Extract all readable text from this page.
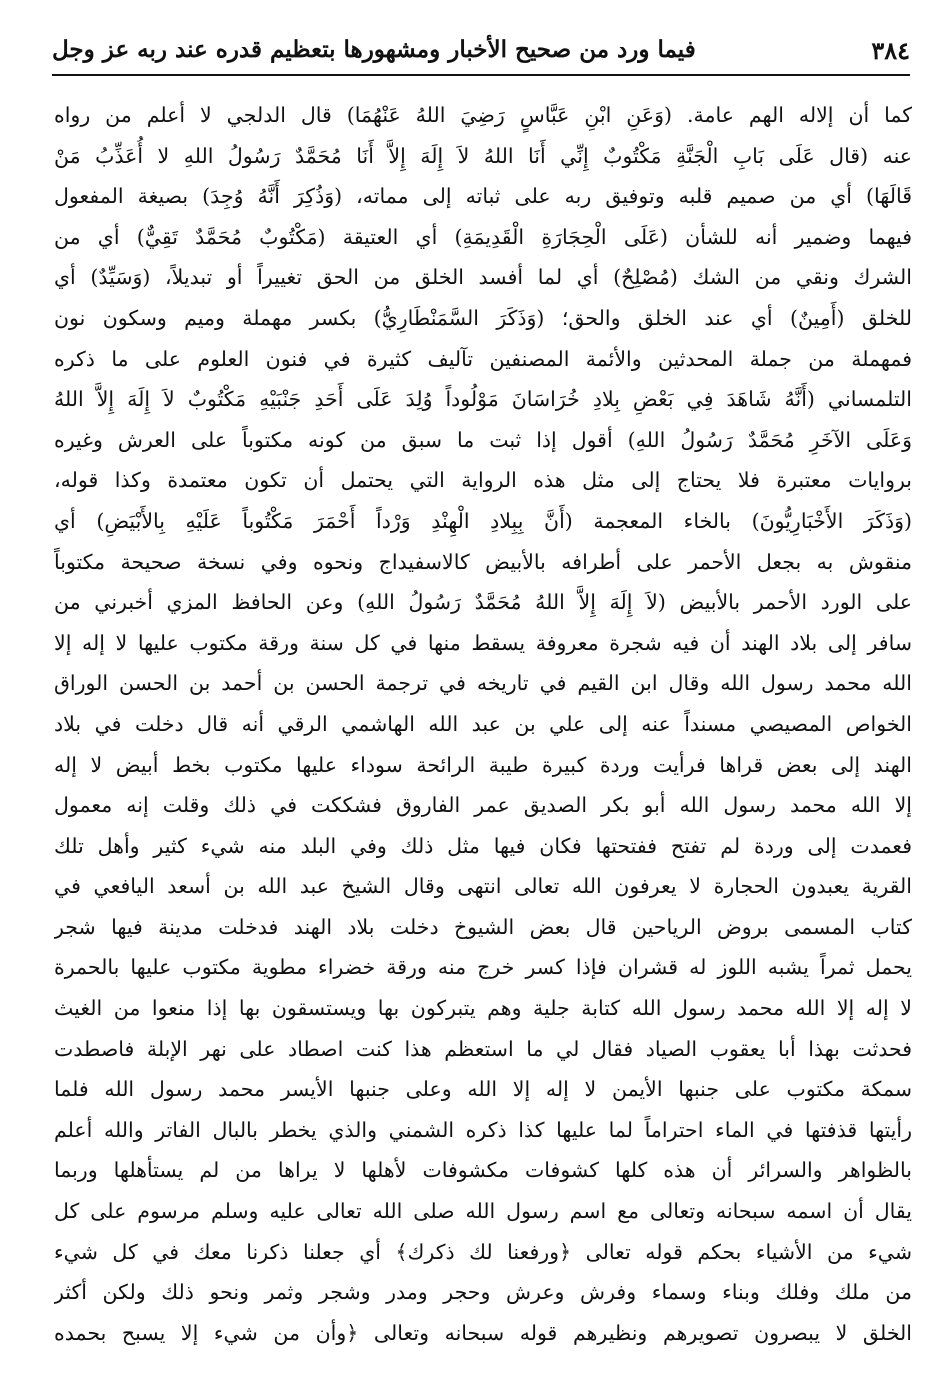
٣٨٤
فيما ورد من صحيح الأخبار ومشهورها بتعظيم قدره عند ربه عز وجل
كما أن إلاله الهم عامة. (وَعَنِ ابْنِ عَبَّاسٍ رَضِيَ اللهُ عَنْهُمَا) قال الدلجي لا أعلم من رواه
عنه (قال عَلَى بَابِ الْجَنَّةِ مَكْتُوبٌ إِنِّي أَنَا اللهُ لاَ إِلَهَ إِلاَّ أَنَا مُحَمَّدٌ رَسُولُ اللهِ لا أُعَذِّبُ مَنْ
قَالَهَا) أي من صميم قلبه وتوفيق ربه على ثباته إلى مماته، (وَذُكِرَ أَنَّهُ وُجِدَ) بصيغة المفعول
فيهما وضمير أنه للشأن (عَلَى الْحِجَارَةِ الْقَدِيمَةِ) أي العتيقة (مَكْتُوبٌ مُحَمَّدٌ تَقِيٌّ) أي من
الشرك ونقي من الشك (مُصْلِحٌ) أي لما أفسد الخلق من الحق تغييراً أو تبديلاً، (وَسَيِّدٌ) أي
للخلق (أَمِينٌ) أي عند الخلق والحق؛ (وَذَكَرَ السَّمَنْطَارِيُّ) بكسر مهملة وميم وسكون نون
فمهملة من جملة المحدثين والأئمة المصنفين تآليف كثيرة في فنون العلوم على ما ذكره
التلمساني (أَنَّهُ شَاهَدَ فِي بَعْضِ بِلادِ خُرَاسَانَ مَوْلُوداً وُلِدَ عَلَى أَحَدِ جَنْبَيْهِ مَكْتُوبٌ لاَ إِلَهَ إِلاَّ اللهُ
وَعَلَى الآخَرِ مُحَمَّدٌ رَسُولُ اللهِ) أقول إذا ثبت ما سبق من كونه مكتوباً على العرش وغيره
بروايات معتبرة فلا يحتاج إلى مثل هذه الرواية التي يحتمل أن تكون معتمدة وكذا قوله،
(وَذَكَرَ الأَخْبَارِيُّونَ) بالخاء المعجمة (أَنَّ بِبِلادِ الْهِنْدِ وَرْداً أَحْمَرَ مَكْتُوباً عَلَيْهِ بِالأَبْيَضِ) أي
منقوش به بجعل الأحمر على أطرافه بالأبيض كالاسفيداج ونحوه وفي نسخة صحيحة مكتوباً
على الورد الأحمر بالأبيض (لاَ إِلَهَ إِلاَّ اللهُ مُحَمَّدٌ رَسُولُ اللهِ) وعن الحافظ المزي أخبرني من
سافر إلى بلاد الهند أن فيه شجرة معروفة يسقط منها في كل سنة ورقة مكتوب عليها لا إله إلا
الله محمد رسول الله وقال ابن القيم في تاريخه في ترجمة الحسن بن أحمد بن الحسن الوراق
الخواص المصيصي مسنداً عنه إلى علي بن عبد الله الهاشمي الرقي أنه قال دخلت في بلاد
الهند إلى بعض قراها فرأيت وردة كبيرة طيبة الرائحة سوداء عليها مكتوب بخط أبيض لا إله
إلا الله محمد رسول الله أبو بكر الصديق عمر الفاروق فشككت في ذلك وقلت إنه معمول
فعمدت إلى وردة لم تفتح ففتحتها فكان فيها مثل ذلك وفي البلد منه شيء كثير وأهل تلك
القرية يعبدون الحجارة لا يعرفون الله تعالى انتهى وقال الشيخ عبد الله بن أسعد اليافعي في
كتاب المسمى بروض الرياحين قال بعض الشيوخ دخلت بلاد الهند فدخلت مدينة فيها شجر
يحمل ثمراً يشبه اللوز له قشران فإذا كسر خرج منه ورقة خضراء مطوية مكتوب عليها بالحمرة
لا إله إلا الله محمد رسول الله كتابة جلية وهم يتبركون بها ويستسقون بها إذا منعوا من الغيث
فحدثت بهذا أبا يعقوب الصياد فقال لي ما استعظم هذا كنت اصطاد على نهر الإبلة فاصطدت
سمكة مكتوب على جنبها الأيمن لا إله إلا الله وعلى جنبها الأيسر محمد رسول الله فلما
رأيتها قذفتها في الماء احتراماً لما عليها كذا ذكره الشمني والذي يخطر بالبال الفاتر والله أعلم
بالظواهر والسرائر أن هذه كلها كشوفات مكشوفات لأهلها لا يراها من لم يستأهلها وربما
يقال أن اسمه سبحانه وتعالى مع اسم رسول الله صلى الله تعالى عليه وسلم مرسوم على كل
شيء من الأشياء بحكم قوله تعالى ﴿ورفعنا لك ذكرك﴾ أي جعلنا ذكرنا معك في كل شيء
من ملك وفلك وبناء وسماء وفرش وعرش وحجر ومدر وشجر وثمر ونحو ذلك ولكن أكثر
الخلق لا يبصرون تصويرهم ونظيرهم قوله سبحانه وتعالى ﴿وأن من شيء إلا يسبح بحمده
